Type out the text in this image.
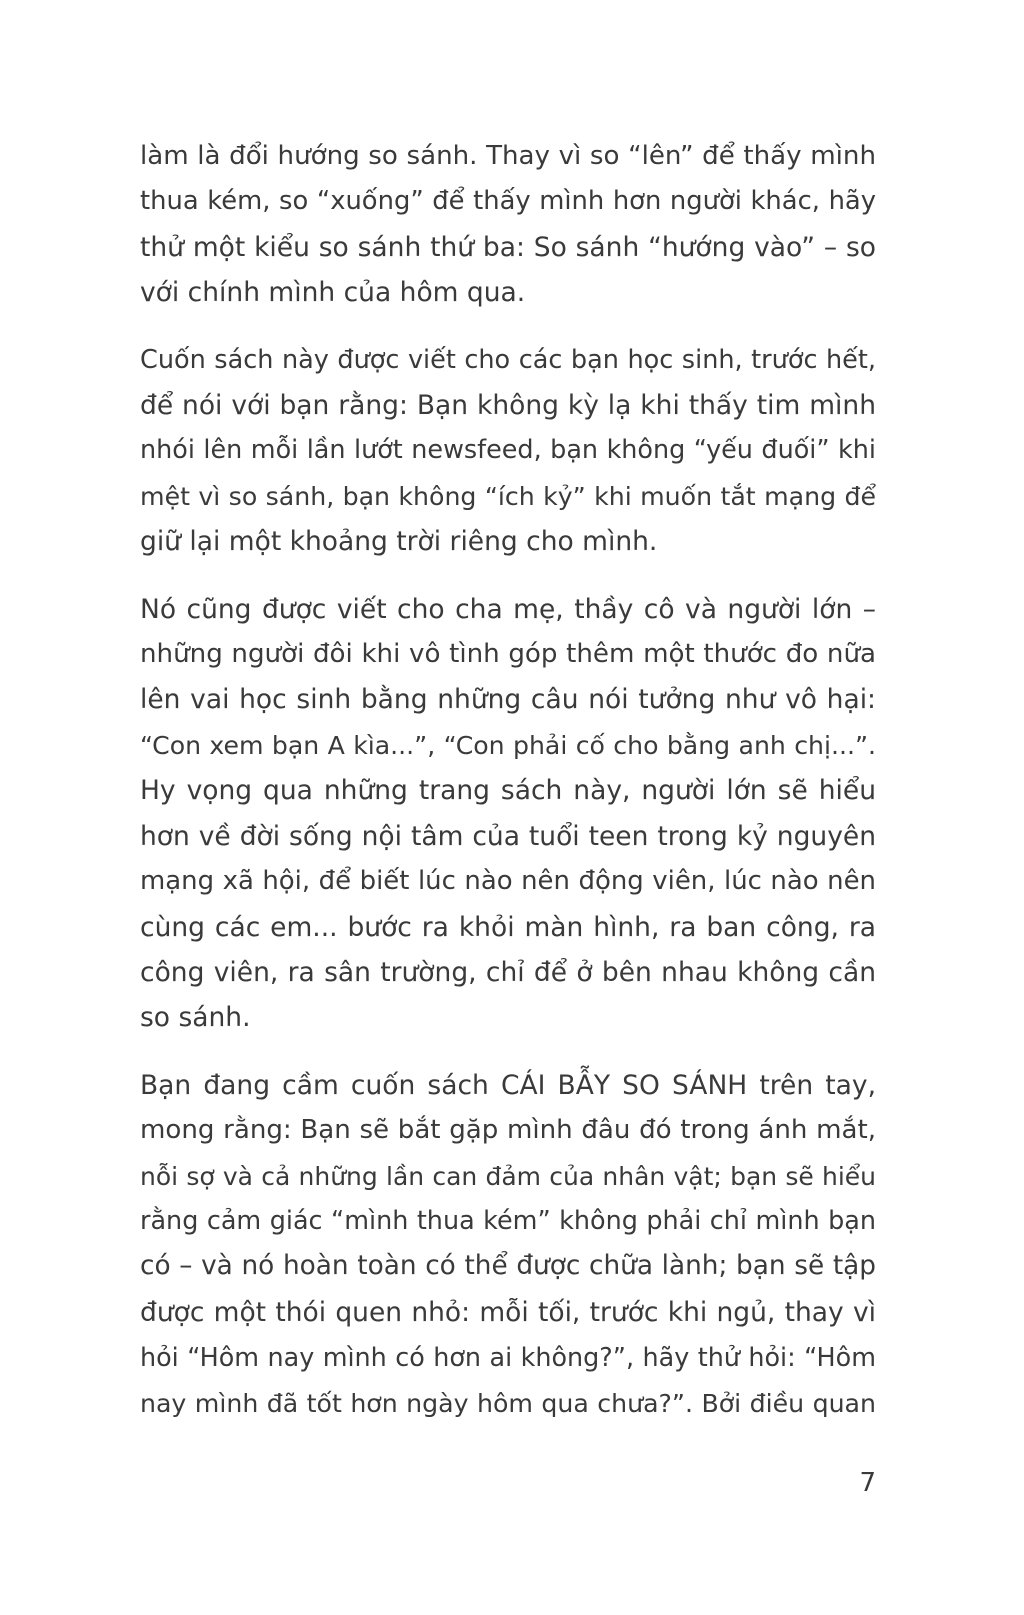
làm là đổi hướng so sánh. Thay vì so “lên” để thấy mình
thua kém, so “xuống” để thấy mình hơn người khác, hãy
thử một kiểu so sánh thứ ba: So sánh “hướng vào” – so
với chính mình của hôm qua.

Cuốn sách này được viết cho các bạn học sinh, trước hết,
để nói với bạn rằng: Bạn không kỳ lạ khi thấy tim mình
nhói lên mỗi lần lướt newsfeed, bạn không “yếu đuối” khi
mệt vì so sánh, bạn không “ích kỷ” khi muốn tắt mạng để
giữ lại một khoảng trời riêng cho mình.

Nó cũng được viết cho cha mẹ, thầy cô và người lớn –
những người đôi khi vô tình góp thêm một thước đo nữa
lên vai học sinh bằng những câu nói tưởng như vô hại:
“Con xem bạn A kìa...”, “Con phải cố cho bằng anh chị...”.
Hy vọng qua những trang sách này, người lớn sẽ hiểu
hơn về đời sống nội tâm của tuổi teen trong kỷ nguyên
mạng xã hội, để biết lúc nào nên động viên, lúc nào nên
cùng các em... bước ra khỏi màn hình, ra ban công, ra
công viên, ra sân trường, chỉ để ở bên nhau không cần
so sánh.

Bạn đang cầm cuốn sách CÁI BẪY SO SÁNH trên tay,
mong rằng: Bạn sẽ bắt gặp mình đâu đó trong ánh mắt,
nỗi sợ và cả những lần can đảm của nhân vật; bạn sẽ hiểu
rằng cảm giác “mình thua kém” không phải chỉ mình bạn
có – và nó hoàn toàn có thể được chữa lành; bạn sẽ tập
được một thói quen nhỏ: mỗi tối, trước khi ngủ, thay vì
hỏi “Hôm nay mình có hơn ai không?”, hãy thử hỏi: “Hôm
nay mình đã tốt hơn ngày hôm qua chưa?”. Bởi điều quan

7
